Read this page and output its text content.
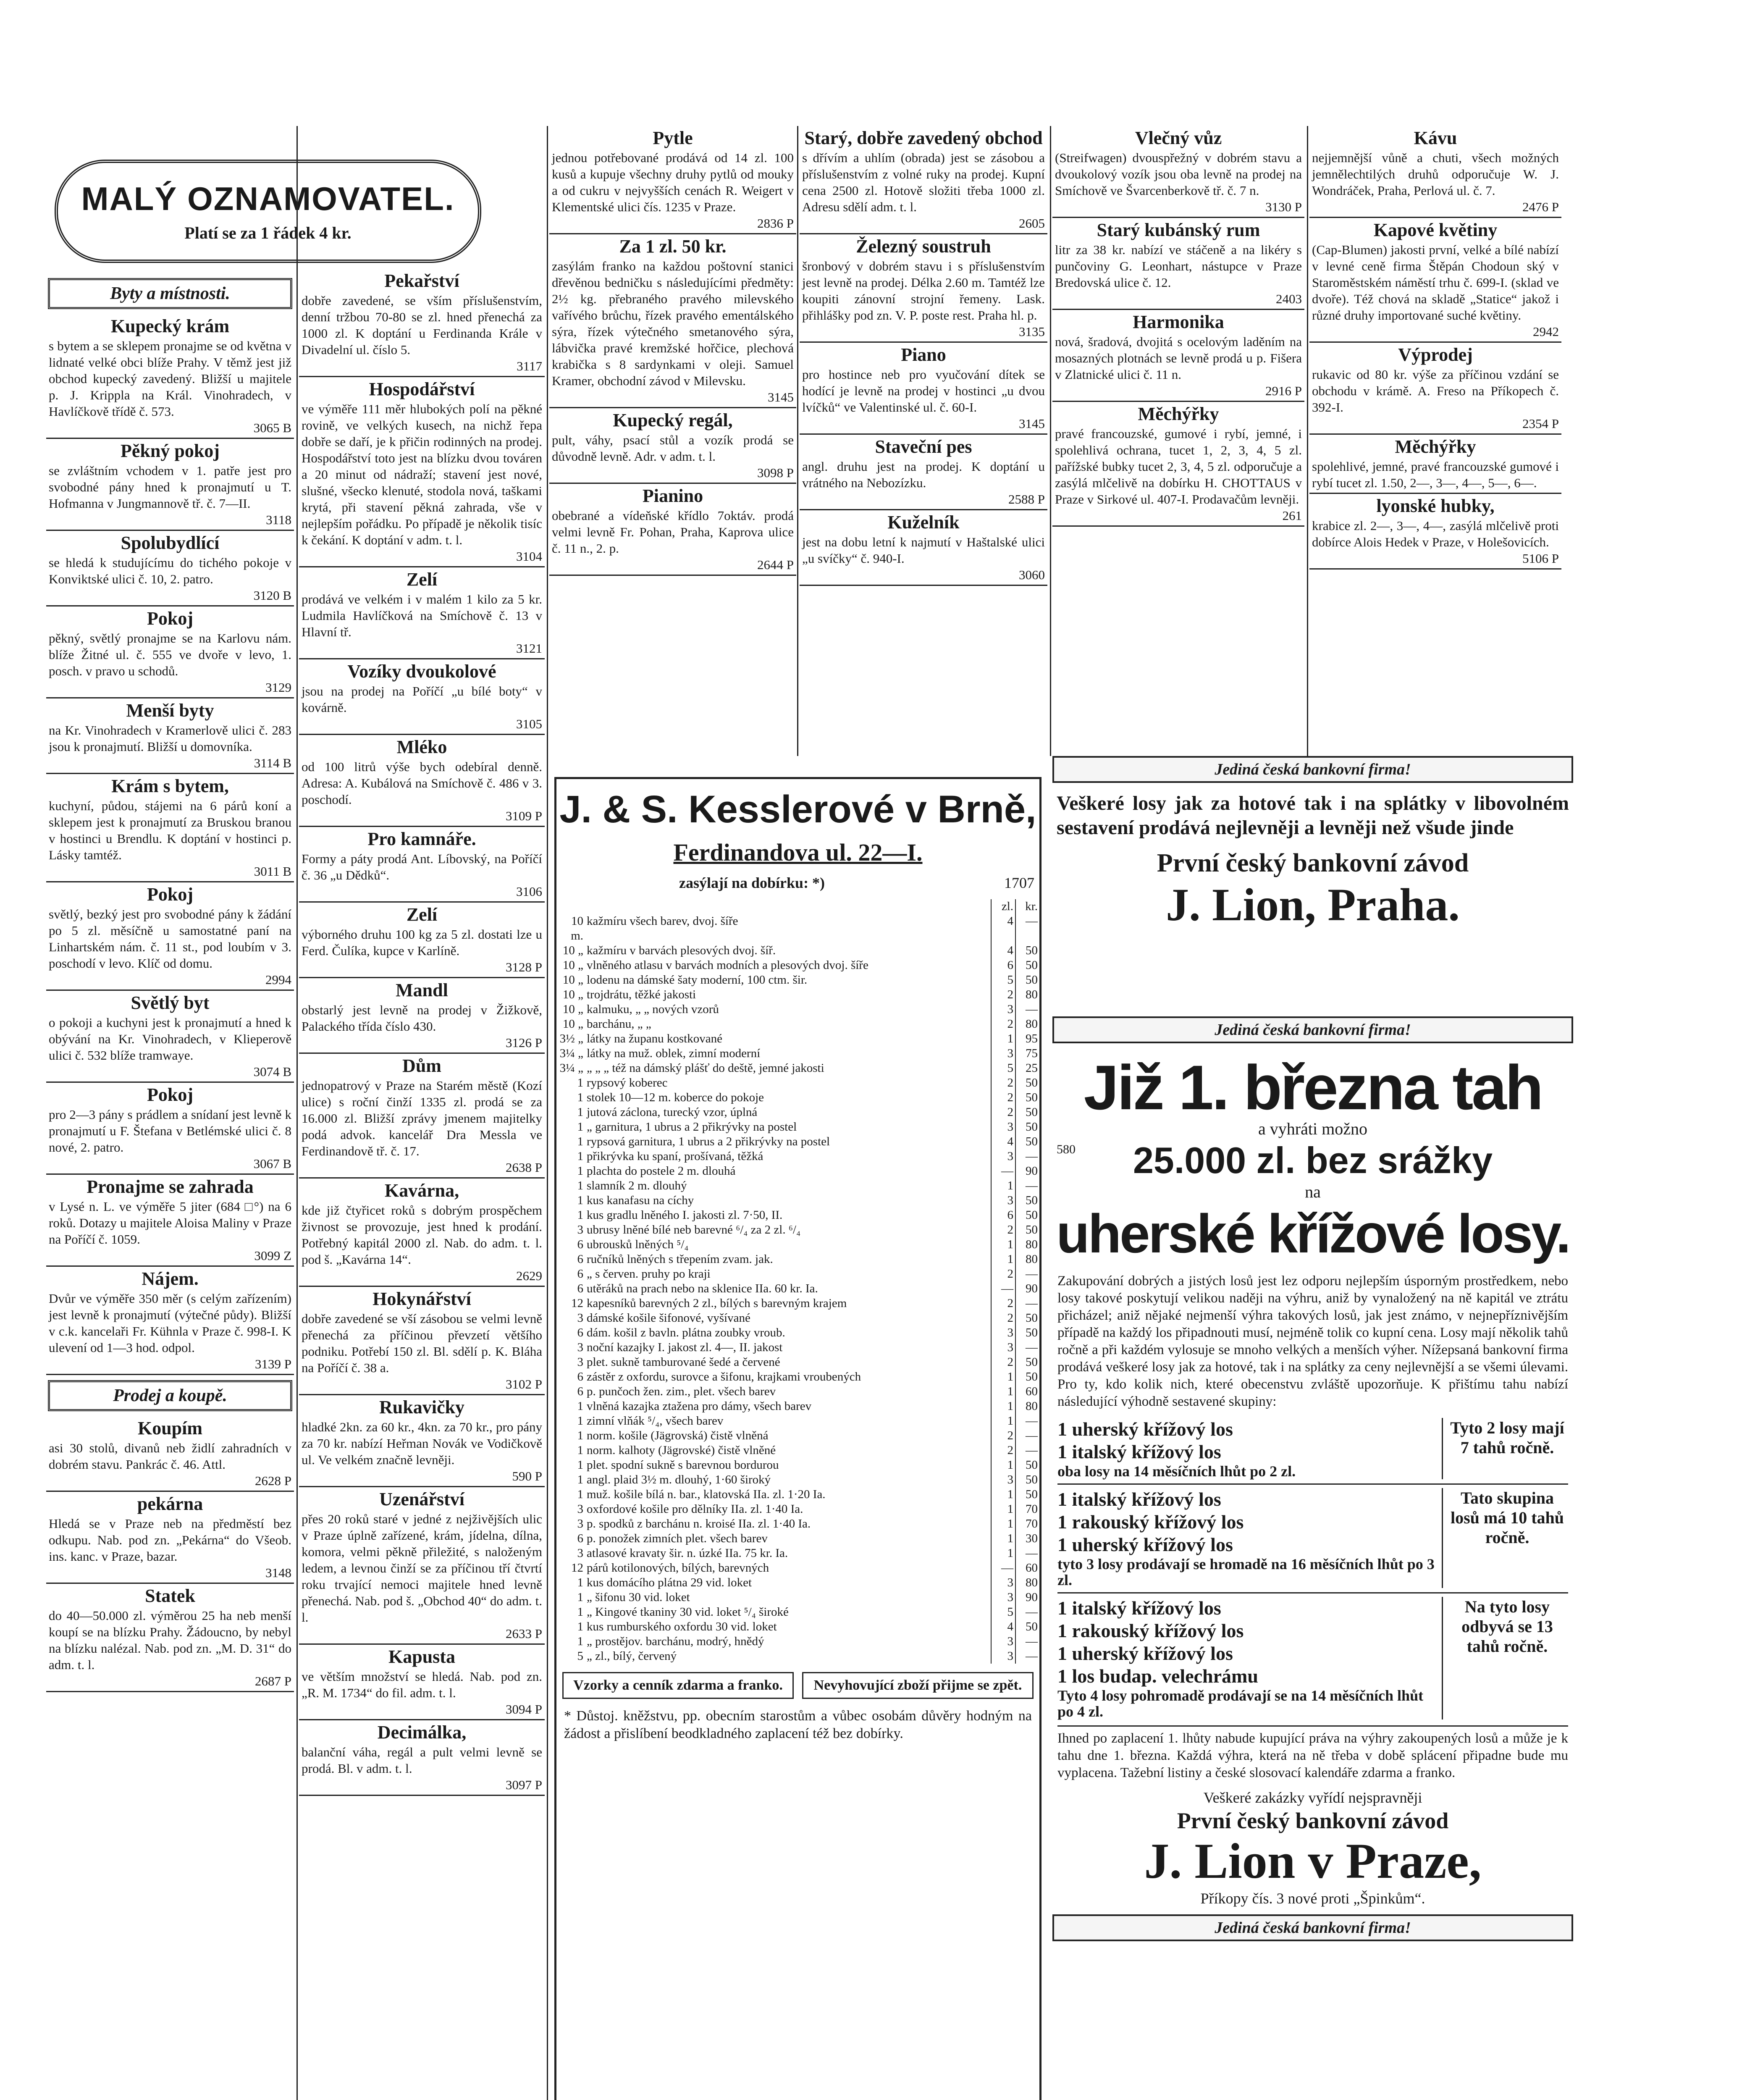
MALÝ OZNAMOVATEL.
Platí se za 1 řádek 4 kr.
Byty a místnosti.
Kupecký krám

s bytem a se sklepem pronajme se od května v lidnaté velké obci blíže Prahy. V těmž jest již obchod kupecký zavedený. Bližší u majitele p. J. Krippla na Král. Vinohradech, v Havlíčkově třídě č. 573.

3065 B
Pěkný pokoj

se zvláštním vchodem v 1. patře jest pro svobodné pány hned k pronajmutí u T. Hofmanna v Jungmannově tř. č. 7—II.

3118
Spolubydlící

se hledá k studujícímu do tichého pokoje v Konviktské ulici č. 10, 2. patro.

3120 B
Pokoj

pěkný, světlý pronajme se na Karlovu nám. blíže Žitné ul. č. 555 ve dvoře v levo, 1. posch. v pravo u schodů.

3129
Menší byty

na Kr. Vinohradech v Kramerlově ulici č. 283 jsou k pronajmutí. Bližší u domovníka.

3114 B
Krám s bytem,

kuchyní, půdou, stájemi na 6 párů koní a sklepem jest k pronajmutí za Bruskou branou v hostinci u Brendlu. K doptání v hostinci p. Lásky tamtéž.

3011 B
Pokoj

světlý, bezký jest pro svobodné pány k žádání po 5 zl. měsíčně u samostatné paní na Linhartském nám. č. 11 st., pod loubím v 3. poschodí v levo. Klíč od domu.

2994
Světlý byt

o pokoji a kuchyni jest k pronajmutí a hned k obývání na Kr. Vinohradech, v Klieperově ulici č. 532 blíže tramwaye.

3074 B
Pokoj

pro 2—3 pány s prádlem a snídaní jest levně k pronajmutí u F. Štefana v Betlémské ulici č. 8 nové, 2. patro.

3067 B
Pronajme se zahrada

v Lysé n. L. ve výměře 5 jiter (684 □°) na 6 roků. Dotazy u majitele Aloisa Maliny v Praze na Poříčí č. 1059.

3099 Z
Nájem.

Dvůr ve výměře 350 měr (s celým zařízením) jest levně k pronajmutí (výtečné půdy). Bližší v c.k. kancelaři Fr. Kühnla v Praze č. 998-I. K ulevení od 1—3 hod. odpol.

3139 P
Prodej a koupě.
Koupím

asi 30 stolů, divanů neb židlí zahradních v dobrém stavu. Pankrác č. 46. Attl.

2628 P
pekárna

Hledá se v Praze neb na předměstí bez odkupu. Nab. pod zn. „Pekárna“ do Všeob. ins. kanc. v Praze, bazar.

3148
Statek

do 40—50.000 zl. výměrou 25 ha neb menší koupí se na blízku Prahy. Žádoucno, by nebyl na blízku nalézal. Nab. pod zn. „M. D. 31“ do adm. t. l.

2687 P
Pekařství

dobře zavedené, se vším příslušenstvím, denní tržbou 70-80 se zl. hned přenechá za 1000 zl. K doptání u Ferdinanda Krále v Divadelní ul. číslo 5.

3117
Hospodářství

ve výměře 111 měr hlubokých polí na pěkné rovině, ve velkých kusech, na nichž řepa dobře se daří, je k přičin rodinných na prodej. Hospodářství toto jest na blízku dvou továren a 20 minut od nádraží; stavení jest nové, slušné, všecko klenuté, stodola nová, taškami krytá, při stavení pěkná zahrada, vše v nejlepším pořádku. Po případě je několik tisíc k čekání. K doptání v adm. t. l.

3104
Zelí

prodává ve velkém i v malém 1 kilo za 5 kr. Ludmila Havlíčková na Smíchově č. 13 v Hlavní tř.

3121
Vozíky dvoukolové

jsou na prodej na Poříčí „u bílé boty“ v kovárně.

3105
Mléko

od 100 litrů výše bych odebíral denně. Adresa: A. Kubálová na Smíchově č. 486 v 3. poschodí.

3109 P
Pro kamnáře.

Formy a páty prodá Ant. Líbovský, na Poříčí č. 36 „u Dědků“.

3106
Zelí

výborného druhu 100 kg za 5 zl. dostati lze u Ferd. Čulíka, kupce v Karlíně.

3128 P
Mandl

obstarlý jest levně na prodej v Žižkově, Palackého třída číslo 430.

3126 P
Dům

jednopatrový v Praze na Starém městě (Kozí ulice) s roční činží 1335 zl. prodá se za 16.000 zl. Bližší zprávy jmenem majitelky podá advok. kancelář Dra Messla ve Ferdinandově tř. č. 17.

2638 P
Kavárna,

kde již čtyřicet roků s dobrým prospěchem živnost se provozuje, jest hned k prodání. Potřebný kapitál 2000 zl. Nab. do adm. t. l. pod š. „Kavárna 14“.

2629
Hokynářství

dobře zavedené se vší zásobou se velmi levně přenechá za příčinou převzetí většího podniku. Potřebí 150 zl. Bl. sdělí p. K. Bláha na Poříčí č. 38 a.

3102 P
Rukavičky

hladké 2kn. za 60 kr., 4kn. za 70 kr., pro pány za 70 kr. nabízí Heřman Novák ve Vodičkově ul. Ve velkém značně levněji.

590 P
Uzenářství

přes 20 roků staré v jedné z nejživějších ulic v Praze úplně zařízené, krám, jídelna, dílna, komora, velmi pěkně přiležité, s naloženým ledem, a levnou činží se za příčinou tří čtvrtí roku trvající nemoci majitele hned levně přenechá. Nab. pod š. „Obchod 40“ do adm. t. l.

2633 P
Kapusta

ve větším množství se hledá. Nab. pod zn. „R. M. 1734“ do fil. adm. t. l.

3094 P
Decimálka,

balanční váha, regál a pult velmi levně se prodá. Bl. v adm. t. l.

3097 P
Pytle

jednou potřebované prodává od 14 zl. 100 kusů a kupuje všechny druhy pytlů od mouky a od cukru v nejvyšších cenách R. Weigert v Klementské ulici čís. 1235 v Praze.

2836 P
Za 1 zl. 50 kr.

zasýlám franko na každou poštovní stanici dřevěnou bedničku s následujícími předměty: 2½ kg. přebraného pravého milevského vařívého brůchu, řízek pravého ementálského sýra, řízek výtečného smetanového sýra, lábvička pravé kremžské hořčice, plechová krabička s 8 sardynkami v oleji. Samuel Kramer, obchodní závod v Milevsku.

3145
Kupecký regál,

pult, váhy, psací stůl a vozík prodá se důvodně levně. Adr. v adm. t. l.

3098 P
Pianino

obebrané a vídeňské křídlo 7oktáv. prodá velmi levně Fr. Pohan, Praha, Kaprova ulice č. 11 n., 2. p.

2644 P
Starý, dobře zavedený obchod

s dřívím a uhlím (obrada) jest se zásobou a příslušenstvím z volné ruky na prodej. Kupní cena 2500 zl. Hotově složiti třeba 1000 zl. Adresu sdělí adm. t. l.

2605
Železný soustruh

šronbový v dobrém stavu i s příslušenstvím jest levně na prodej. Délka 2.60 m. Tamtéž lze koupiti zánovní strojní řemeny. Lask. přihlášky pod zn. V. P. poste rest. Praha hl. p.

3135
Piano

pro hostince neb pro vyučování dítek se hodící je levně na prodej v hostinci „u dvou lvíčků“ ve Valentinské ul. č. 60-I.

3145
Staveční pes

angl. druhu jest na prodej. K doptání u vrátného na Nebozízku.

2588 P
Kuželník

jest na dobu letní k najmutí v Haštalské ulici „u svíčky“ č. 940-I.

3060
Vlečný vůz

(Streifwagen) dvouspřežný v dobrém stavu a dvoukolový vozík jsou oba levně na prodej na Smíchově ve Švarcenberkově tř. č. 7 n.

3130 P
Starý kubánský rum

litr za 38 kr. nabízí ve stáčeně a na likéry s punčoviny G. Leonhart, nástupce v Praze Bredovská ulice č. 12.

2403
Harmonika

nová, šradová, dvojitá s ocelovým laděním na mosazných plotnách se levně prodá u p. Fišera v Zlatnické ulici č. 11 n.

2916 P
Měchýřky

pravé francouzské, gumové i rybí, jemné, i spolehlivá ochrana, tucet 1, 2, 3, 4, 5 zl. pařížské bubky tucet 2, 3, 4, 5 zl. odporučuje a zasýlá mlčelivě na dobírku H. CHOTTAUS v Praze v Sirkové ul. 407-I. Prodavačům levněji.

261
Kávu

nejjemnější vůně a chuti, všech možných jemnělechtilých druhů odporučuje W. J. Wondráček, Praha, Perlová ul. č. 7.

2476 P
Kapové květiny

(Cap-Blumen) jakosti první, velké a bílé nabízí v levné ceně firma Štěpán Chodoun ský v Staroměstském náměstí trhu č. 699-I. (sklad ve dvoře). Též chová na skladě „Statice“ jakož i různé druhy importované suché květiny.

2942
Výprodej

rukavic od 80 kr. výše za příčinou vzdání se obchodu v krámě. A. Freso na Příkopech č. 392-I.

2354 P
Měchýřky

spolehlivé, jemné, pravé francouzské gumové i rybí tucet zl. 1.50, 2—, 3—, 4—, 5—, 6—.

lyonské hubky,

krabice zl. 2—, 3—, 4—, zasýlá mlčelivě proti dobírce Alois Hedek v Praze, v Holešovicích.

5106 P
J. & S. Kesslerové v Brně,
Ferdinandova ul. 22—I.
zasýlají na dobírku: *)	1707
		zl.	kr.
10 m.	kažmíru všech barev, dvoj. šíře	4	—
10 „	kažmíru v barvách plesových dvoj. šíř.	4	50
10 „	vlněného atlasu v barvách modních a plesových dvoj. šíře	6	50
10 „	lodenu na dámské šaty moderní, 100 ctm. šir.	5	50
10 „	trojdrátu, těžké jakosti	2	80
10 „	kalmuku, „ „ nových vzorů	3	—
10 „	barchánu, „ „	2	80
3½ „	látky na županu kostkované	1	95
3¼ „	látky na muž. oblek, zimní moderní	3	75
3¼ „	„ „ „ též na dámský plášť do deště, jemné jakosti	5	25
1	rypsový koberec	2	50
1	stolek 10—12 m. koberce do pokoje	2	50
1	jutová záclona, turecký vzor, úplná	2	50
1	„ garnitura, 1 ubrus a 2 přikrývky na postel	3	50
1	rypsová garnitura, 1 ubrus a 2 přikrývky na postel	4	50
1	přikrývka ku spaní, prošívaná, těžká	3	—
1	plachta do postele 2 m. dlouhá	—	90
1	slamník 2 m. dlouhý	1	—
1	kus kanafasu na cíchy	3	50
1	kus gradlu lněného I. jakosti zl. 7·50, II.	6	50
3	ubrusy lněné bílé neb barevné ⁶/₄ za 2 zl. ⁶/₄	2	50
6	ubrousků lněných ⁵/₄	1	80
6	ručníků lněných s třepením zvam. jak.	1	80
6	„ s červen. pruhy po kraji	2	—
6	utěráků na prach nebo na sklenice IIa. 60 kr. Ia.	—	90
12	kapesníků barevných 2 zl., bílých s barevným krajem	2	—
3	dámské košile šifonové, vyšívané	2	50
6	dám. košil z bavln. plátna zoubky vroub.	3	50
3	noční kazajky I. jakost zl. 4—, II. jakost	3	—
3	plet. sukně tamburované šedé a červené	2	50
6	zástěr z oxfordu, surovce a šifonu, krajkami vroubených	1	50
6	p. punčoch žen. zim., plet. všech barev	1	60
1	vlněná kazajka ztažena pro dámy, všech barev	1	80
1	zimní vlňák ⁵/₄, všech barev	1	—
1	norm. košile (Jägrovská) čistě vlněná	2	—
1	norm. kalhoty (Jägrovské) čistě vlněné	2	—
1	plet. spodní sukně s barevnou bordurou	1	50
1	angl. plaid 3½ m. dlouhý, 1·60 široký	3	50
1	muž. košile bílá n. bar., klatovská IIa. zl. 1·20 Ia.	1	50
3	oxfordové košile pro dělníky IIa. zl. 1·40 Ia.	1	70
3	p. spodků z barchánu n. kroisé IIa. zl. 1·40 Ia.	1	70
6	p. ponožek zimních plet. všech barev	1	30
3	atlasové kravaty šir. n. úzké IIa. 75 kr. Ia.	1	—
12	párů kotilonových, bílých, barevných	—	60
1	kus domácího plátna 29 vid. loket	3	80
1	„ šifonu 30 vid. loket	3	90
1	„ Kingové tkaniny 30 vid. loket ⁵/₄ široké	5	—
1	kus rumburského oxfordu 30 vid. loket	4	50
1	„ prostějov. barchánu, modrý, hnědý	3	—
5	„ zl., bílý, červený	3	—
Vzorky a cenník zdarma a franko.	Nevyhovující zboží přijme se zpět.
* Důstoj. kněžstvu, pp. obecním starostům a vůbec osobám důvěry hodným na žádost a přislíbení beodkladného zaplacení též bez dobírky.
Jediná česká bankovní firma!
Veškeré losy jak za hotové tak i na splátky v libovolném sestavení prodává nejlevněji a levněji než všude jinde
První český bankovní závod
J. Lion, Praha.
Jediná česká bankovní firma!
580
Již 1. března tah
a vyhráti možno
25.000 zl. bez srážky
na
uherské křížové losy.
Zakupování dobrých a jistých losů jest lez odporu nejlepším úsporným prostředkem, nebo losy takové poskytují velikou naději na výhru, aniž by vynaložený na ně kapitál ve ztrátu přicházel; aniž nějaké nejmenší výhra takových losů, jak jest známo, v nejnepříznivějším případě na každý los připadnouti musí, nejméně tolik co kupní cena. Losy mají několik tahů ročně a při každém vylosuje se mnoho velkých a menších výher. Nížepsaná bankovní firma prodává veškeré losy jak za hotové, tak i na splátky za ceny nejlevnější a se všemi úlevami. Pro ty, kdo kolik nich, které obecenstvu zvláště upozorňuje. K přištímu tahu nabízí následující výhodně sestavené skupiny:
1 uherský křížový los
1 italský křížový los
oba losy na 14 měsíčních lhůt po 2 zl.
Tyto 2 losy mají 7 tahů ročně.
1 italský křížový los
1 rakouský křížový los
1 uherský křížový los
tyto 3 losy prodávají se hromadě na 16 měsíčních lhůt po 3 zl.
Tato skupina losů má 10 tahů ročně.
1 italský křížový los
1 rakouský křížový los
1 uherský křížový los
1 los budap. velechrámu
Tyto 4 losy pohromadě prodávají se na 14 měsíčních lhůt po 4 zl.
Na tyto losy odbyvá se 13 tahů ročně.
Ihned po zaplacení 1. lhůty nabude kupující práva na výhry zakoupených losů a může je k tahu dne 1. března. Každá výhra, která na ně třeba v době splácení připadne bude mu vyplacena. Tažební listiny a české slosovací kalendáře zdarma a franko.
Veškeré zakázky vyřídí nejspravněji
První český bankovní závod
J. Lion v Praze,
Příkopy čís. 3 nové proti „Špinkům“.
Jediná česká bankovní firma!
